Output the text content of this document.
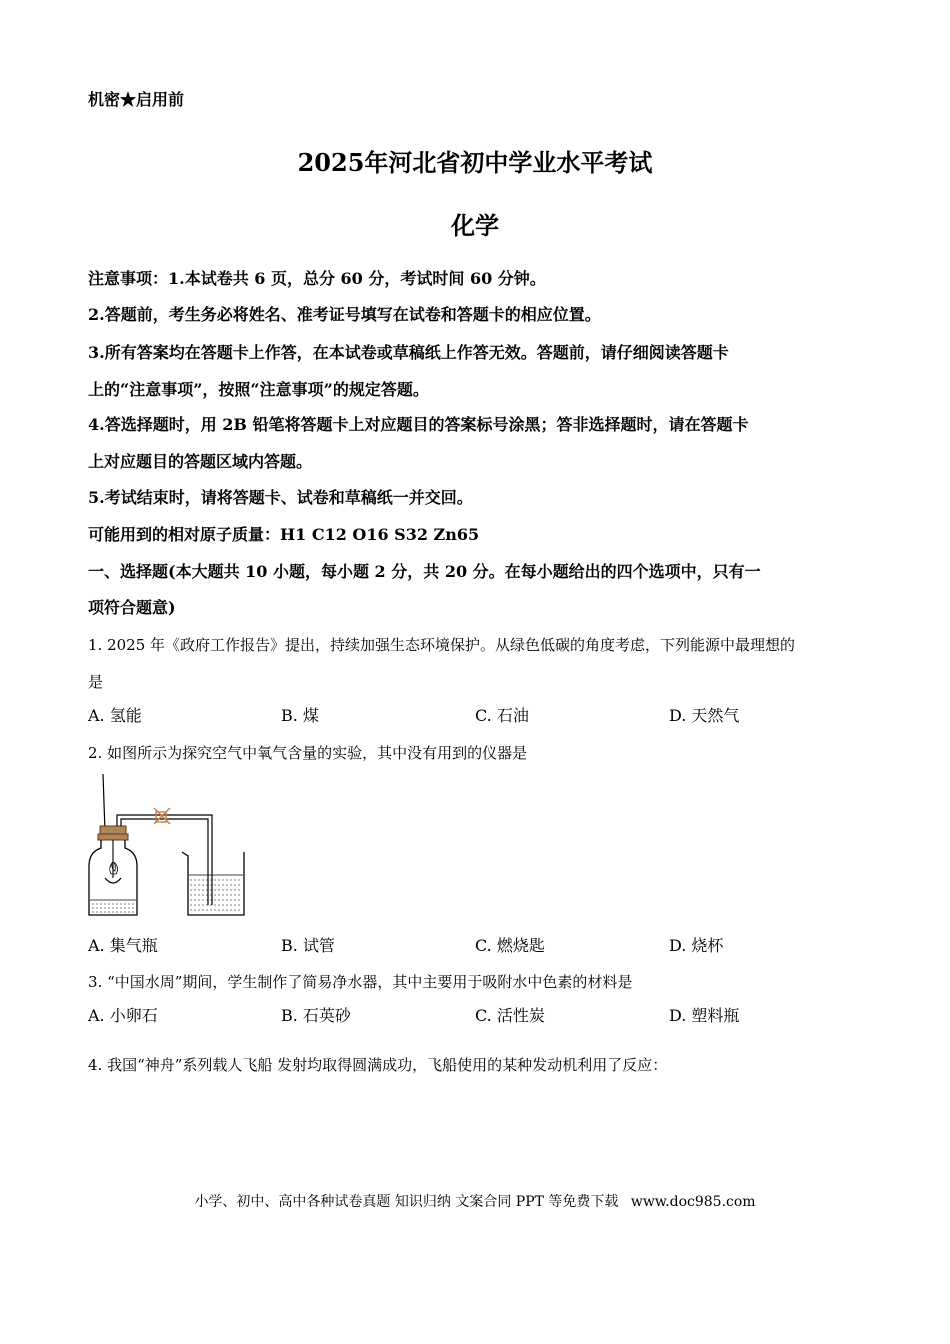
机密★启用前
2025年河北省初中学业水平考试
化学
注意事项：1.本试卷共 6 页，总分 60 分，考试时间 60 分钟。
2.答题前，考生务必将姓名、准考证号填写在试卷和答题卡的相应位置。
3.所有答案均在答题卡上作答，在本试卷或草稿纸上作答无效。答题前，请仔细阅读答题卡
上的“注意事项”，按照“注意事项”的规定答题。
4.答选择题时，用 2B 铅笔将答题卡上对应题目的答案标号涂黑；答非选择题时，请在答题卡
上对应题目的答题区域内答题。
5.考试结束时，请将答题卡、试卷和草稿纸一并交回。
可能用到的相对原子质量：H1 C12 O16 S32 Zn65
一、选择题(本大题共 10 小题，每小题 2 分，共 20 分。在每小题给出的四个选项中，只有一
项符合题意)
1. 2025 年《政府工作报告》提出，持续加强生态环境保护。从绿色低碳的角度考虑，下列能源中最理想的
是
A. 氢能	B. 煤	C. 石油	D. 天然气
2. 如图所示为探究空气中氧气含量的实验，其中没有用到的仪器是
A. 集气瓶	B. 试管	C. 燃烧匙	D. 烧杯
3. “中国水周”期间，学生制作了简易净水器，其中主要用于吸附水中色素的材料是
A. 小卵石	B. 石英砂	C. 活性炭	D. 塑料瓶
4. 我国“神舟”系列载人飞船 发射均取得圆满成功，飞船使用的某种发动机利用了反应：
小学、初中、高中各种试卷真题 知识归纳 文案合同 PPT 等免费下载 www.doc985.com
